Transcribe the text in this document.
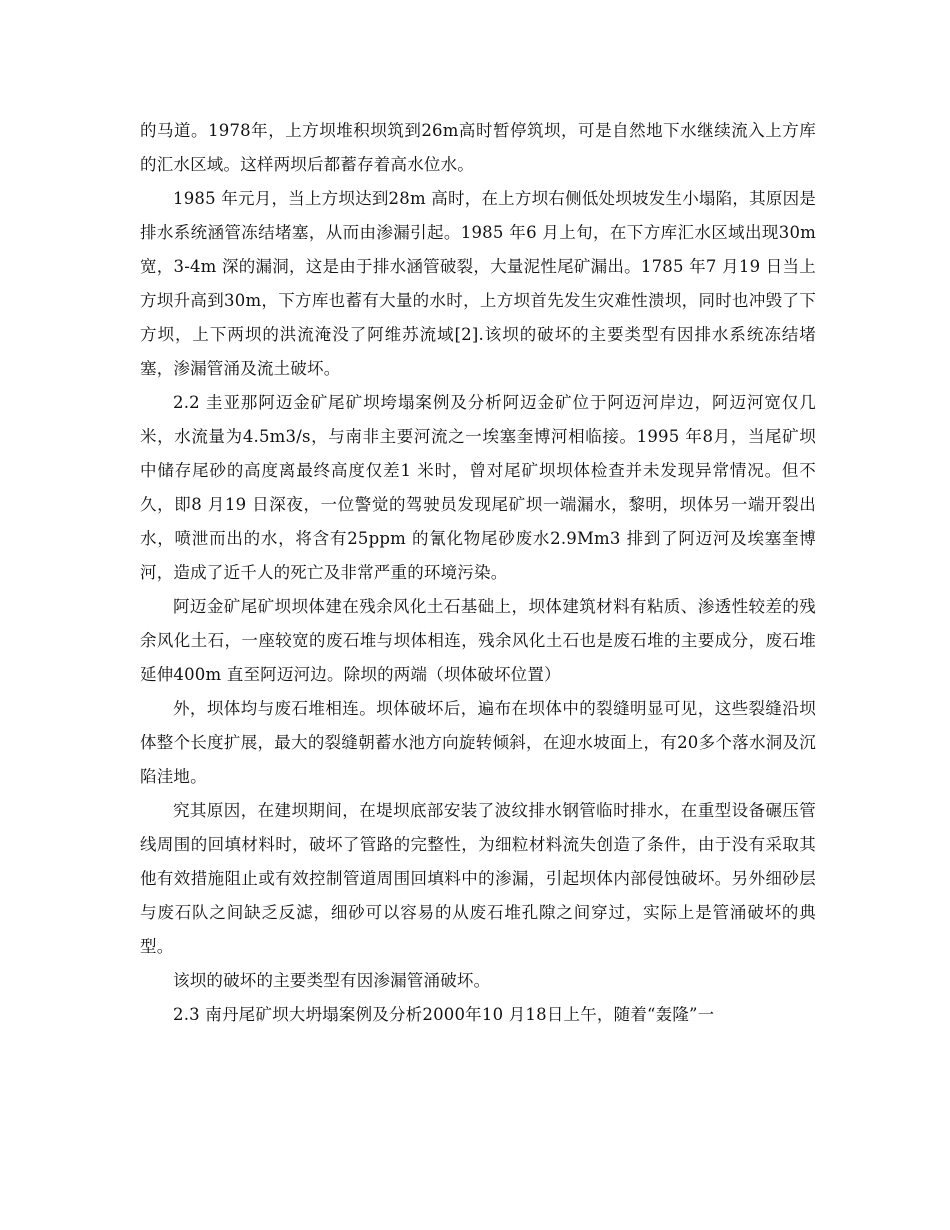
的马道。1978年，上方坝堆积坝筑到26m高时暂停筑坝，可是自然地下水继续流入上方库的汇水区域。这样两坝后都蓄存着高水位水。

1985 年元月，当上方坝达到28m 高时，在上方坝右侧低处坝坡发生小塌陷，其原因是排水系统涵管冻结堵塞，从而由渗漏引起。1985 年6 月上旬，在下方库汇水区域出现30m 宽，3-4m 深的漏洞，这是由于排水涵管破裂，大量泥性尾矿漏出。1785 年7 月19 日当上方坝升高到30m，下方库也蓄有大量的水时，上方坝首先发生灾难性溃坝，同时也冲毁了下方坝，上下两坝的洪流淹没了阿维苏流域[2].该坝的破坏的主要类型有因排水系统冻结堵塞，渗漏管涌及流土破坏。

2.2 圭亚那阿迈金矿尾矿坝垮塌案例及分析阿迈金矿位于阿迈河岸边，阿迈河宽仅几米，水流量为4.5m3/s，与南非主要河流之一埃塞奎博河相临接。1995 年8月，当尾矿坝中储存尾砂的高度离最终高度仅差1 米时，曾对尾矿坝坝体检查并未发现异常情况。但不久，即8 月19 日深夜，一位警觉的驾驶员发现尾矿坝一端漏水，黎明，坝体另一端开裂出水，喷泄而出的水，将含有25ppm 的氰化物尾砂废水2.9Mm3 排到了阿迈河及埃塞奎博河，造成了近千人的死亡及非常严重的环境污染。

阿迈金矿尾矿坝坝体建在残余风化土石基础上，坝体建筑材料有粘质、渗透性较差的残余风化土石，一座较宽的废石堆与坝体相连，残余风化土石也是废石堆的主要成分，废石堆延伸400m 直至阿迈河边。除坝的两端（坝体破坏位置）

外，坝体均与废石堆相连。坝体破坏后，遍布在坝体中的裂缝明显可见，这些裂缝沿坝体整个长度扩展，最大的裂缝朝蓄水池方向旋转倾斜，在迎水坡面上，有20多个落水洞及沉陷洼地。

究其原因，在建坝期间，在堤坝底部安装了波纹排水钢管临时排水，在重型设备碾压管线周围的回填材料时，破坏了管路的完整性，为细粒材料流失创造了条件，由于没有采取其他有效措施阻止或有效控制管道周围回填料中的渗漏，引起坝体内部侵蚀破坏。另外细砂层与废石队之间缺乏反滤，细砂可以容易的从废石堆孔隙之间穿过，实际上是管涌破坏的典型。

该坝的破坏的主要类型有因渗漏管涌破坏。

2.3 南丹尾矿坝大坍塌案例及分析2000年10 月18日上午，随着“轰隆”一
